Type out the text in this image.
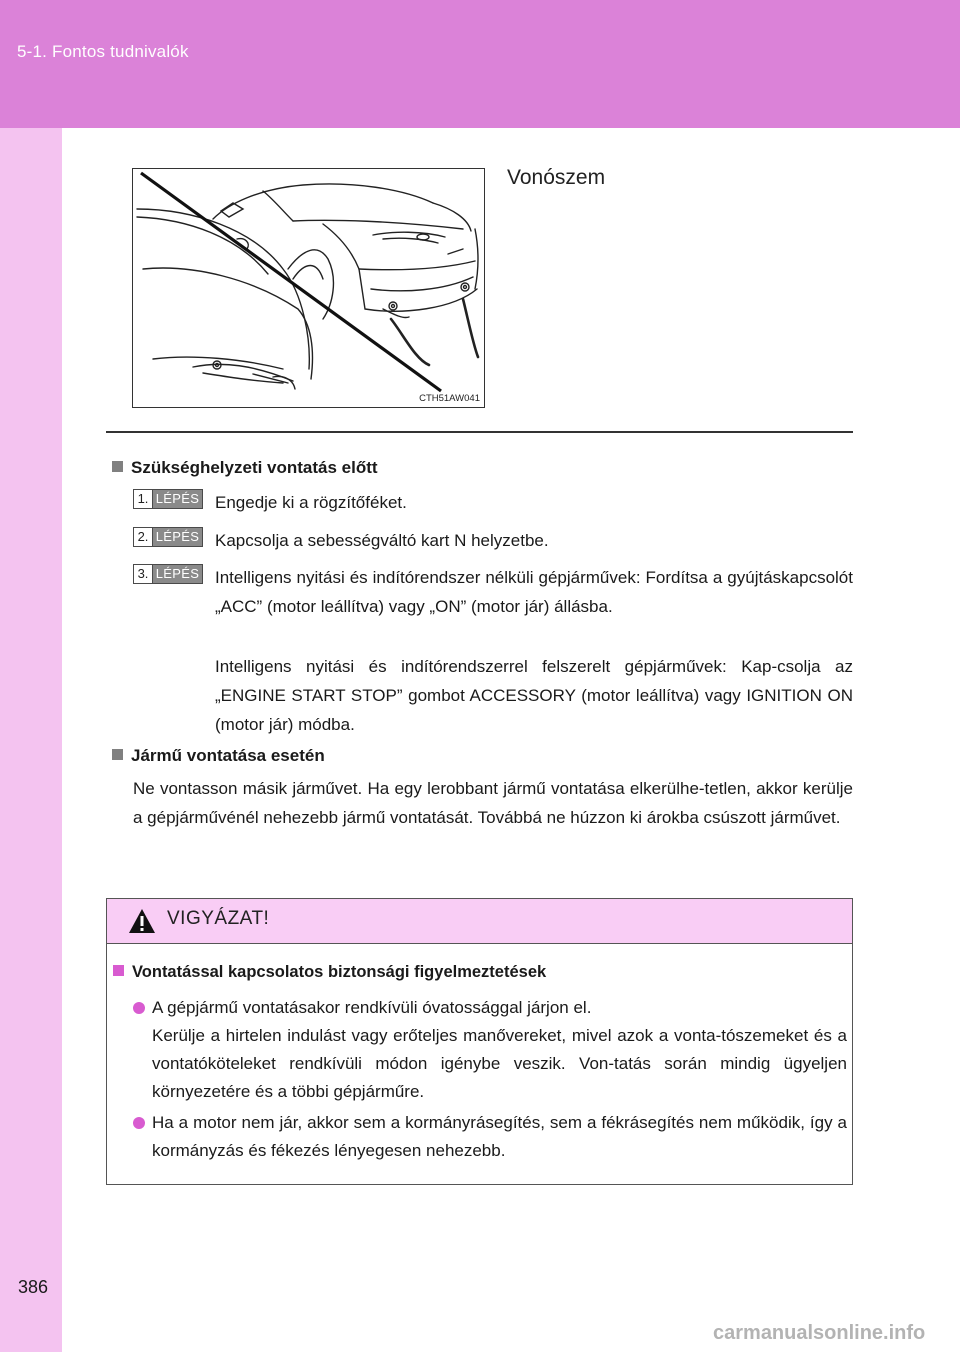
5-1. Fontos tudnivalók
CTH51AW041
Vonószem
Szükséghelyzeti vontatás előtt
1. LÉPÉS Engedje ki a rögzítőféket.
2. LÉPÉS Kapcsolja a sebességváltó kart N helyzetbe.
3. LÉPÉS Intelligens nyitási és indítórendszer nélküli gépjárművek: Fordítsa a gyújtáskapcsolót „ACC” (motor leállítva) vagy „ON” (motor jár) állásba.
Intelligens nyitási és indítórendszerrel felszerelt gépjárművek: Kap-csolja az „ENGINE START STOP” gombot ACCESSORY (motor leállítva) vagy IGNITION ON (motor jár) módba.
Jármű vontatása esetén
Ne vontasson másik járművet. Ha egy lerobbant jármű vontatása elkerülhe-tetlen, akkor kerülje a gépjárművénél nehezebb jármű vontatását. Továbbá ne húzzon ki árokba csúszott járművet.
VIGYÁZAT!
Vontatással kapcsolatos biztonsági figyelmeztetések
A gépjármű vontatásakor rendkívüli óvatossággal járjon el.
Kerülje a hirtelen indulást vagy erőteljes manővereket, mivel azok a vonta-tószemeket és a vontatóköteleket rendkívüli módon igénybe veszik. Von-tatás során mindig ügyeljen környezetére és a többi gépjárműre.
Ha a motor nem jár, akkor sem a kormányrásegítés, sem a fékrásegítés nem működik, így a kormányzás és fékezés lényegesen nehezebb.
386
carmanualsonline.info
